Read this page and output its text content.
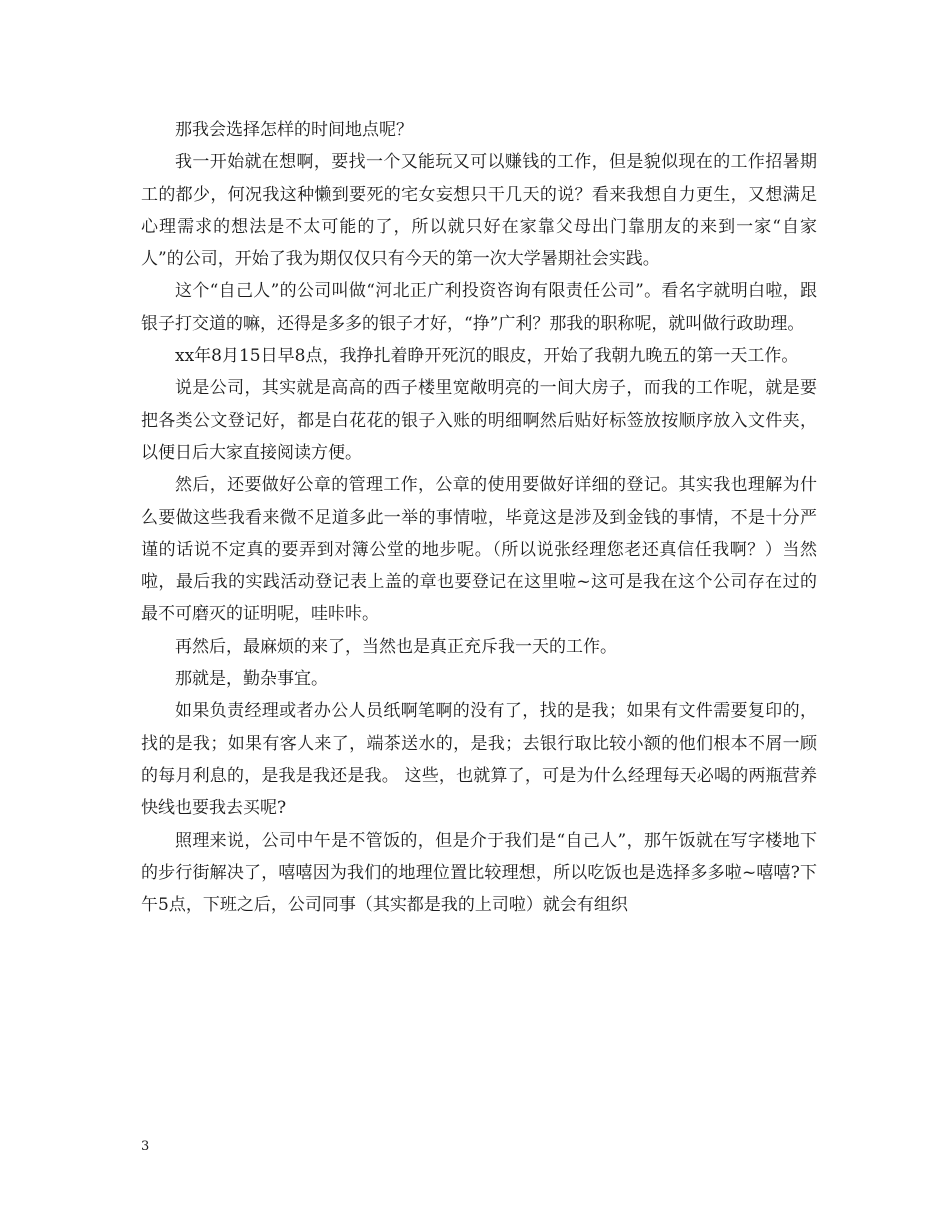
那我会选择怎样的时间地点呢？

我一开始就在想啊，要找一个又能玩又可以赚钱的工作，但是貌似现在的工作招暑期工的都少，何况我这种懒到要死的宅女妄想只干几天的说？看来我想自力更生，又想满足心理需求的想法是不太可能的了，所以就只好在家靠父母出门靠朋友的来到一家“自家人”的公司，开始了我为期仅仅只有今天的第一次大学暑期社会实践。

这个“自己人”的公司叫做“河北正广利投资咨询有限责任公司”。看名字就明白啦，跟银子打交道的嘛，还得是多多的银子才好，“挣”广利？那我的职称呢，就叫做行政助理。

xx年8月15日早8点，我挣扎着睁开死沉的眼皮，开始了我朝九晚五的第一天工作。

说是公司，其实就是高高的西子楼里宽敞明亮的一间大房子，而我的工作呢，就是要把各类公文登记好，都是白花花的银子入账的明细啊然后贴好标签放按顺序放入文件夹，以便日后大家直接阅读方便。

然后，还要做好公章的管理工作，公章的使用要做好详细的登记。其实我也理解为什么要做这些我看来微不足道多此一举的事情啦，毕竟这是涉及到金钱的事情，不是十分严谨的话说不定真的要弄到对簿公堂的地步呢。（所以说张经理您老还真信任我啊？）当然啦，最后我的实践活动登记表上盖的章也要登记在这里啦~这可是我在这个公司存在过的最不可磨灭的证明呢，哇咔咔。

再然后，最麻烦的来了，当然也是真正充斥我一天的工作。

那就是，勤杂事宜。

如果负责经理或者办公人员纸啊笔啊的没有了，找的是我；如果有文件需要复印的，找的是我；如果有客人来了，端茶送水的，是我；去银行取比较小额的他们根本不屑一顾的每月利息的，是我是我还是我。 这些，也就算了，可是为什么经理每天必喝的两瓶营养快线也要我去买呢?

照理来说，公司中午是不管饭的，但是介于我们是“自己人”，那午饭就在写字楼地下的步行街解决了，嘻嘻因为我们的地理位置比较理想，所以吃饭也是选择多多啦~嘻嘻?下午5点，下班之后，公司同事（其实都是我的上司啦）就会有组织

3
